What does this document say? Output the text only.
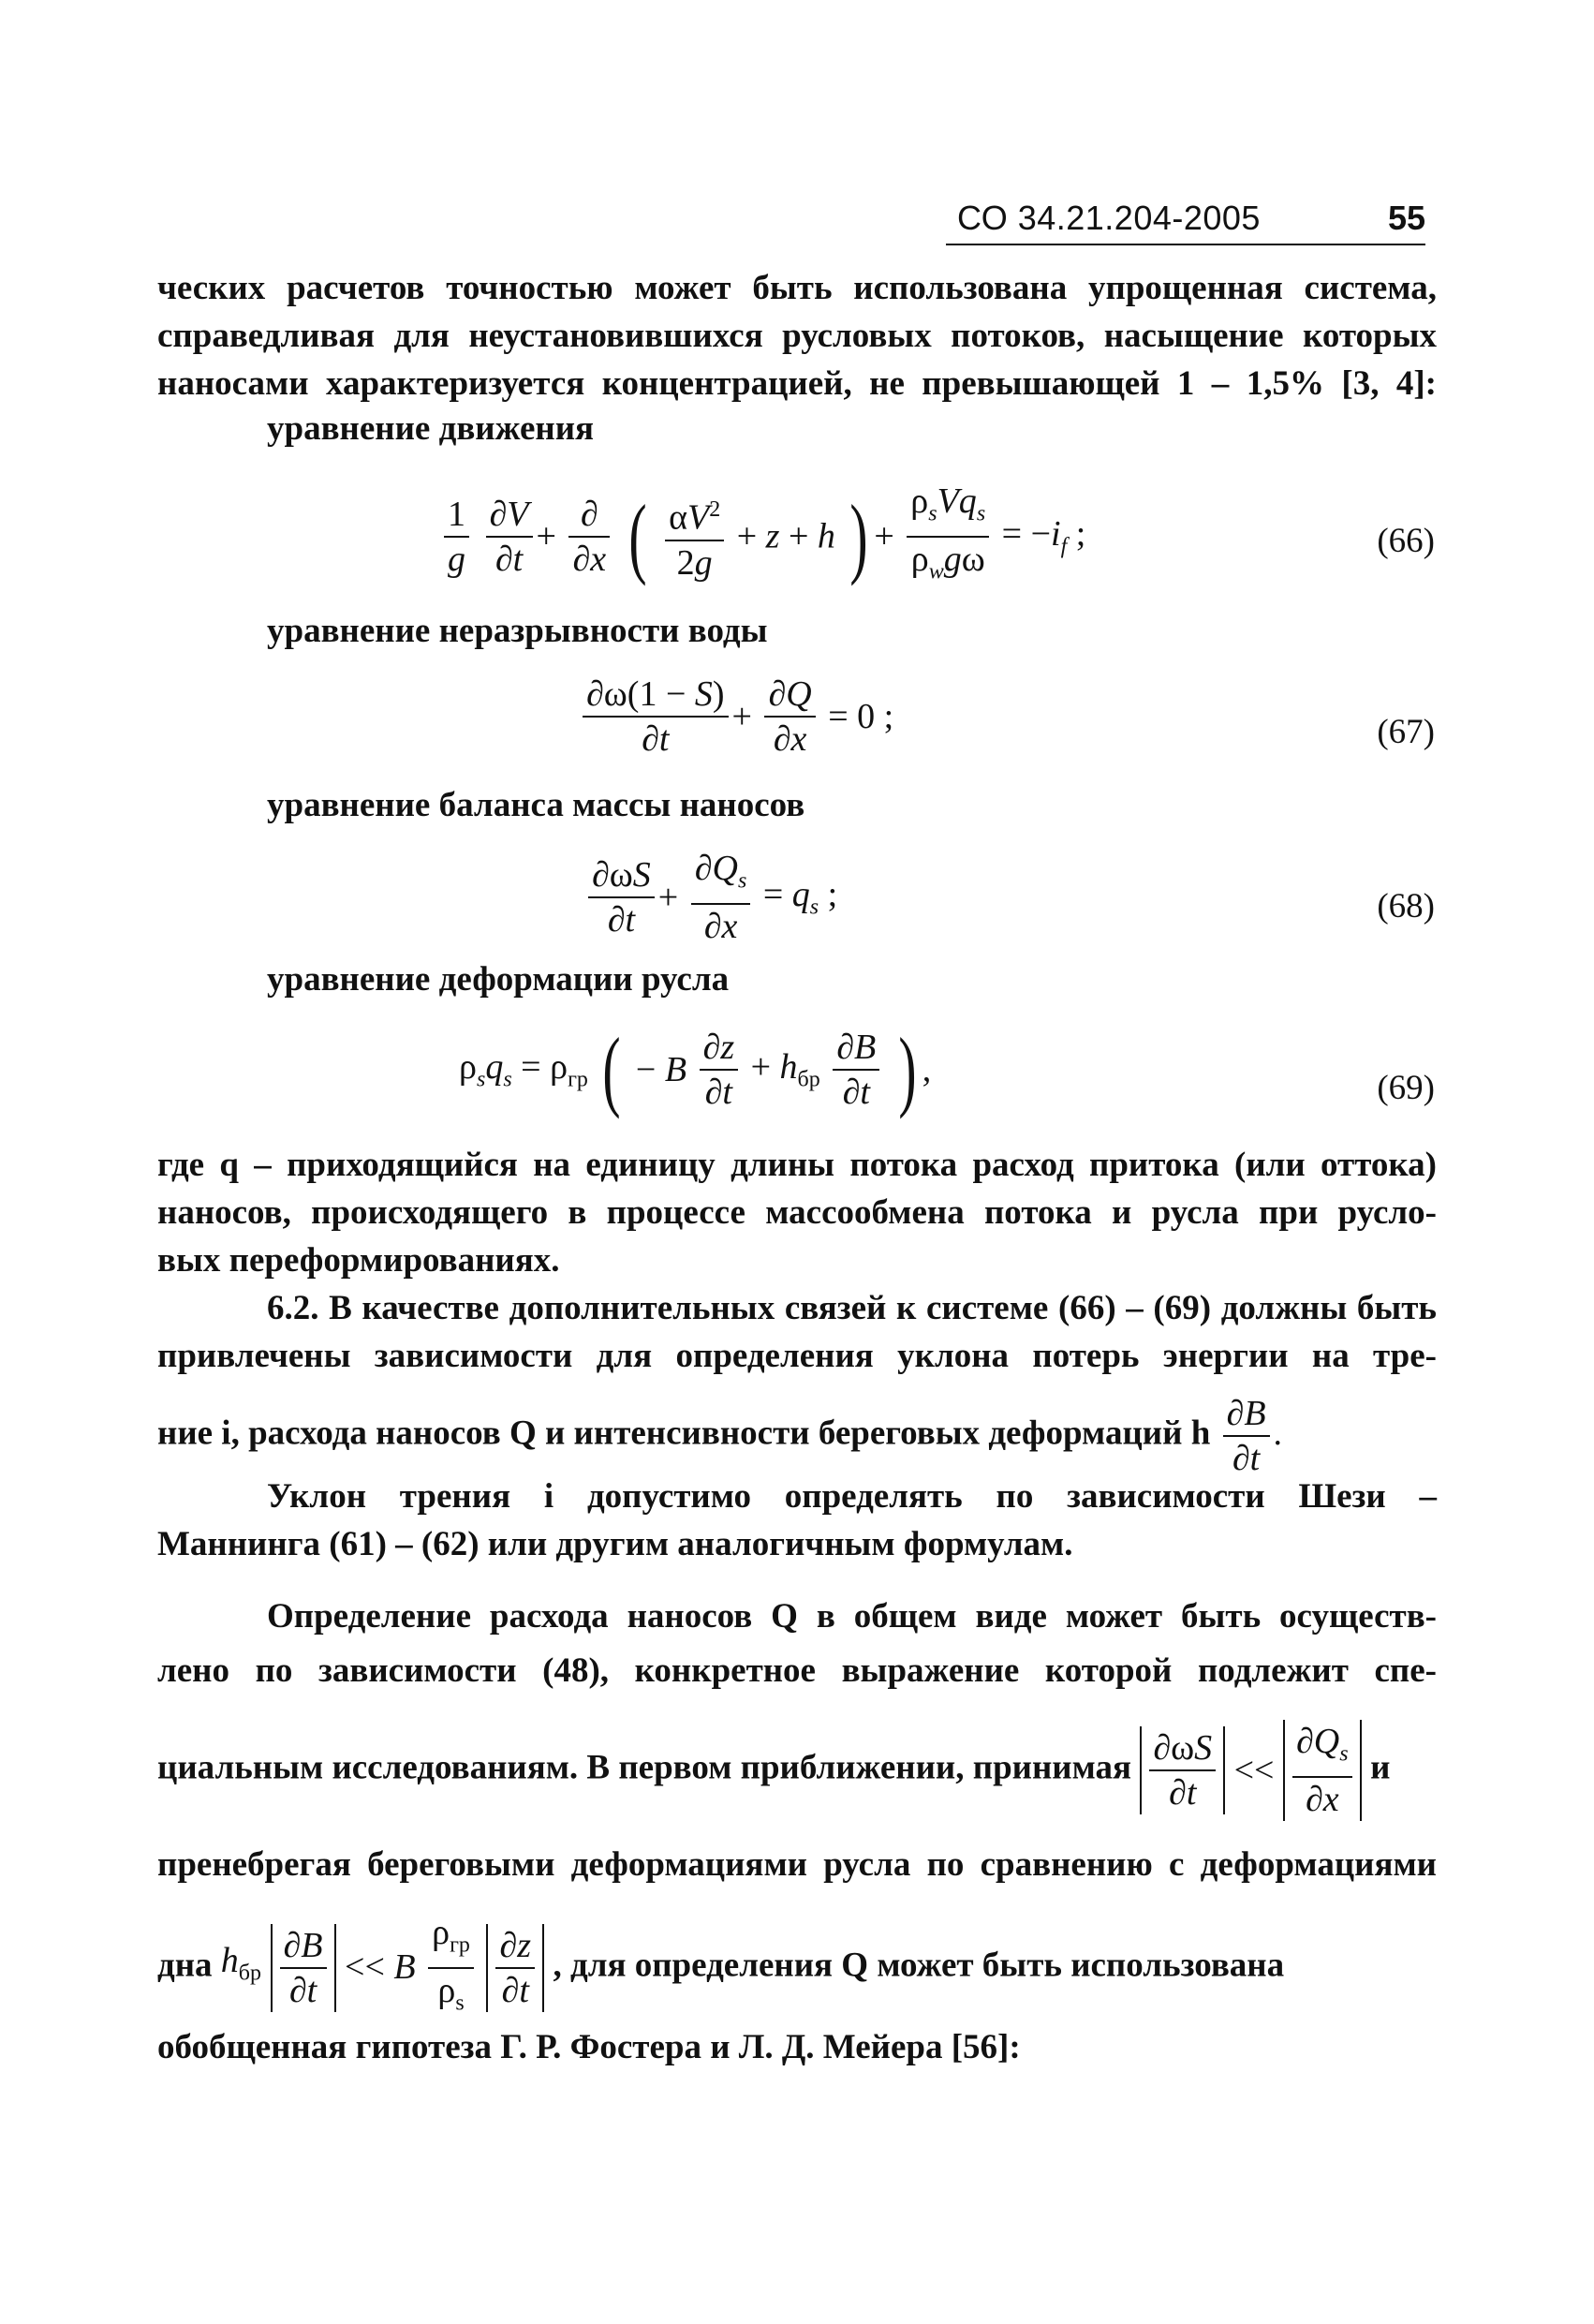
СО 34.21.204-2005	55
ческих расчетов точностью может быть использована упрощенная система,
справедливая для неустановившихся русловых потоков, насыщение которых
наносами характеризуется концентрацией, не превышающей 1 – 1,5% [3, 4]:
уравнение движения
$\frac{1}{g}$
$\frac{\partial V}{\partial t} + \frac{\partial}{\partial x}$ ( $\frac{\alpha V^2}{2g} + z + h$ ) + $\frac{\rho_sVq_s}{\rho_wg\omega} = -i_f$ ;	(66)
уравнение неразрывности воды
$\frac{\partial\omega(1 - S)}{\partial t} + \frac{\partial Q}{\partial x} = 0$ ;	(67)
уравнение баланса массы наносов
$\frac{\partial\omega S}{\partial t} + \frac{\partial Q_s}{\partial x} = q_s$ ;	(68)
уравнение деформации русла
$\rho_sq_s = \rho_{гр}$ ( − B $\frac{\partial z}{\partial t} + h_{бр} \frac{\partial B}{\partial t}$ ) ,	(69)
где q – приходящийся на единицу длины потока расход притока (или оттока)
наносов, происходящего в процессе массообмена потока и русла при русло-
вых переформированиях.
6.2. В качестве дополнительных связей к системе (66) – (69) должны быть
привлечены зависимости для определения уклона потерь энергии на тре-
ние i, расхода наносов Q и интенсивности береговых деформаций h $\frac{\partial B}{\partial t}$ .
Уклон трения i допустимо определять по зависимости Шези –
Маннинга (61) – (62) или другим аналогичным формулам.
Определение расхода наносов Q в общем виде может быть осуществ-
лено по зависимости (48), конкретное выражение которой подлежит спе-
циальным исследованиям. В первом приближении, принимая $\frac{\partial\omega S}{\partial t} << \frac{\partial Q_s}{\partial x}$ и
пренебрегая береговыми деформациями русла по сравнению с деформациями
дна $h_{бр} \frac{\partial B}{\partial t} << B \frac{\rho_{гр}}{\rho_s}$
$\frac{\partial z}{\partial t}$ , для определения Q может быть использована
обобщенная гипотеза Г. Р. Фостера и Л. Д. Мейера [56]:
